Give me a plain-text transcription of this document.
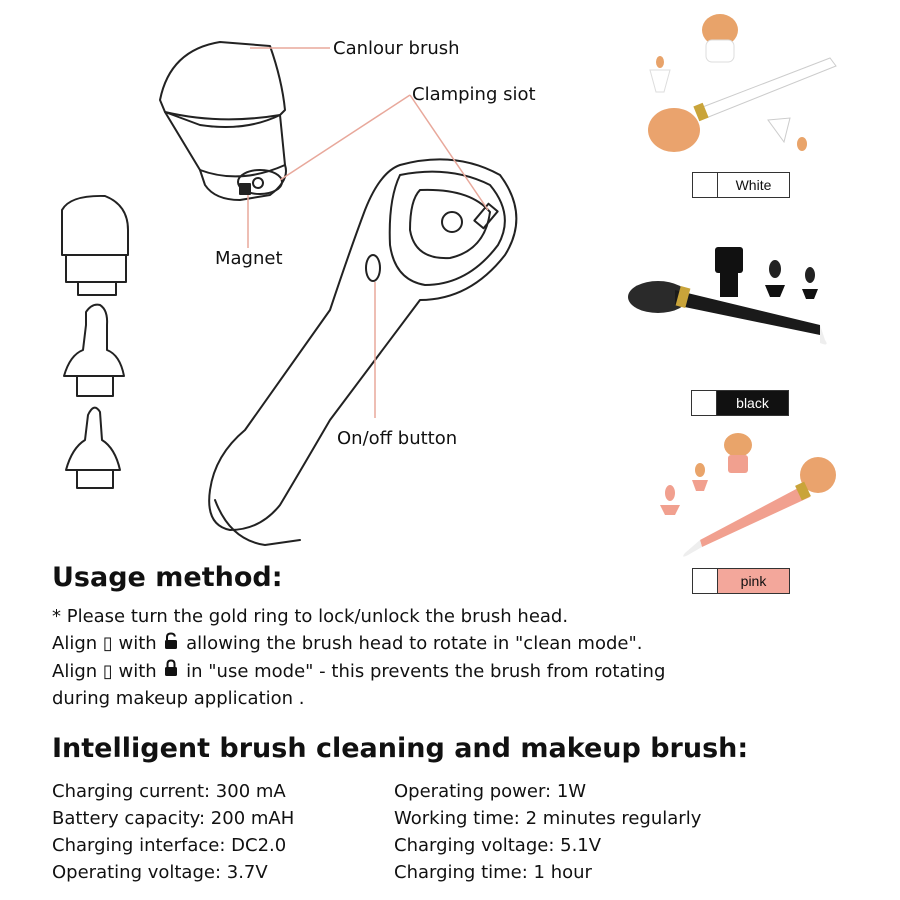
Canlour brush
Clamping siot
Magnet
On/off button
White
black
pink
Usage method:
* Please turn the gold ring to lock/unlock the brush head.
Align ▯ with  allowing the brush head to rotate in "clean mode".
Align ▯ with  in "use mode" - this prevents the brush from rotating
during makeup application .
Intelligent brush cleaning and makeup brush:
Charging current: 300 mA
Battery capacity: 200 mAH
Charging interface: DC2.0
Operating voltage: 3.7V
Operating power: 1W
Working time: 2 minutes regularly
Charging voltage: 5.1V
Charging time: 1 hour
